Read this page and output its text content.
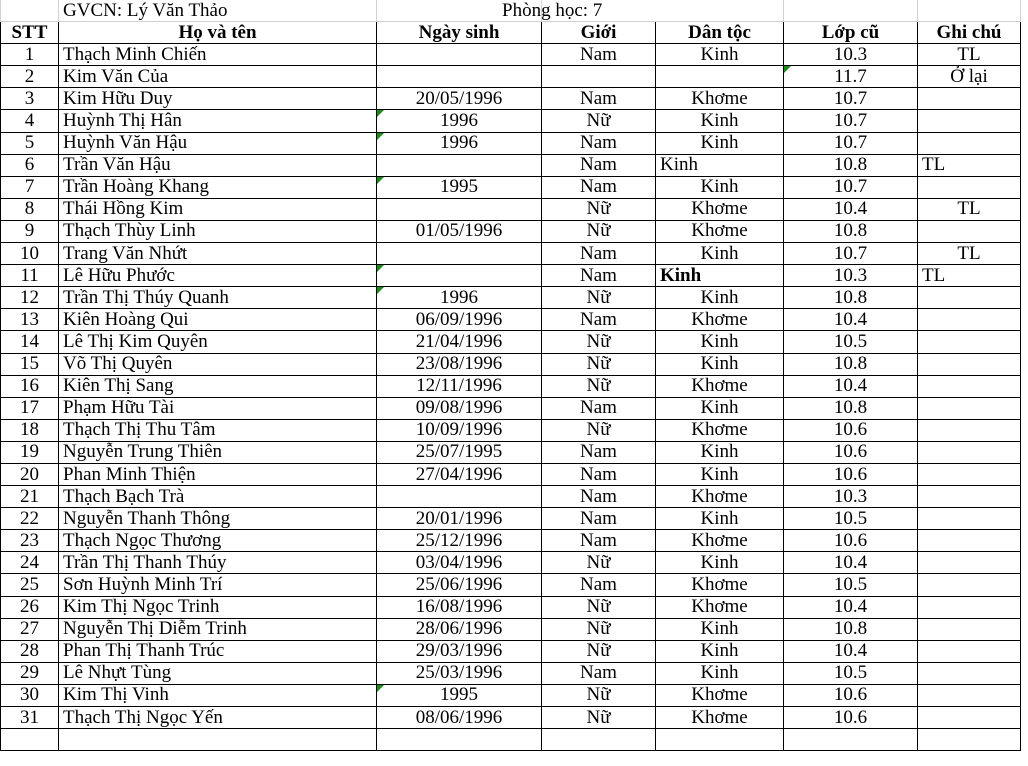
	GVCN: Lý Văn Thảo		Phòng học: 7			
STT	Họ và tên	Ngày sinh	Giới	Dân tộc	Lớp cũ	Ghi chú
1	Thạch Minh Chiến		Nam	Kinh	10.3	TL
2	Kim Văn Của				11.7	Ở lại
3	Kim Hữu Duy	20/05/1996	Nam	Khơme	10.7	
4	Huỳnh Thị Hân	1996	Nữ	Kinh	10.7	
5	Huỳnh Văn Hậu	1996	Nam	Kinh	10.7	
6	Trần Văn Hậu		Nam	Kinh	10.8	TL
7	Trần Hoàng Khang	1995	Nam	Kinh	10.7	
8	Thái Hồng Kim		Nữ	Khơme	10.4	TL
9	Thạch Thùy Linh	01/05/1996	Nữ	Khơme	10.8	
10	Trang Văn Nhứt		Nam	Kinh	10.7	TL
11	Lê Hữu Phước		Nam	Kinh	10.3	TL
12	Trần Thị Thúy Quanh	1996	Nữ	Kinh	10.8	
13	Kiên Hoàng Qui	06/09/1996	Nam	Khơme	10.4	
14	Lê Thị Kim Quyên	21/04/1996	Nữ	Kinh	10.5	
15	Võ Thị Quyên	23/08/1996	Nữ	Kinh	10.8	
16	Kiên Thị Sang	12/11/1996	Nữ	Khơme	10.4	
17	Phạm Hữu Tài	09/08/1996	Nam	Kinh	10.8	
18	Thạch Thị Thu Tâm	10/09/1996	Nữ	Khơme	10.6	
19	Nguyễn Trung Thiên	25/07/1995	Nam	Kinh	10.6	
20	Phan Minh Thiện	27/04/1996	Nam	Kinh	10.6	
21	Thạch Bạch Trà		Nam	Khơme	10.3	
22	Nguyễn Thanh Thông	20/01/1996	Nam	Kinh	10.5	
23	Thạch Ngọc Thương	25/12/1996	Nam	Khơme	10.6	
24	Trần Thị Thanh Thúy	03/04/1996	Nữ	Kinh	10.4	
25	Sơn Huỳnh Minh Trí	25/06/1996	Nam	Khơme	10.5	
26	Kim Thị Ngọc Trinh	16/08/1996	Nữ	Khơme	10.4	
27	Nguyễn Thị Diễm Trinh	28/06/1996	Nữ	Kinh	10.8	
28	Phan Thị Thanh Trúc	29/03/1996	Nữ	Kinh	10.4	
29	Lê Nhựt Tùng	25/03/1996	Nam	Kinh	10.5	
30	Kim Thị Vinh	1995	Nữ	Khơme	10.6	
31	Thạch Thị Ngọc Yến	08/06/1996	Nữ	Khơme	10.6	
